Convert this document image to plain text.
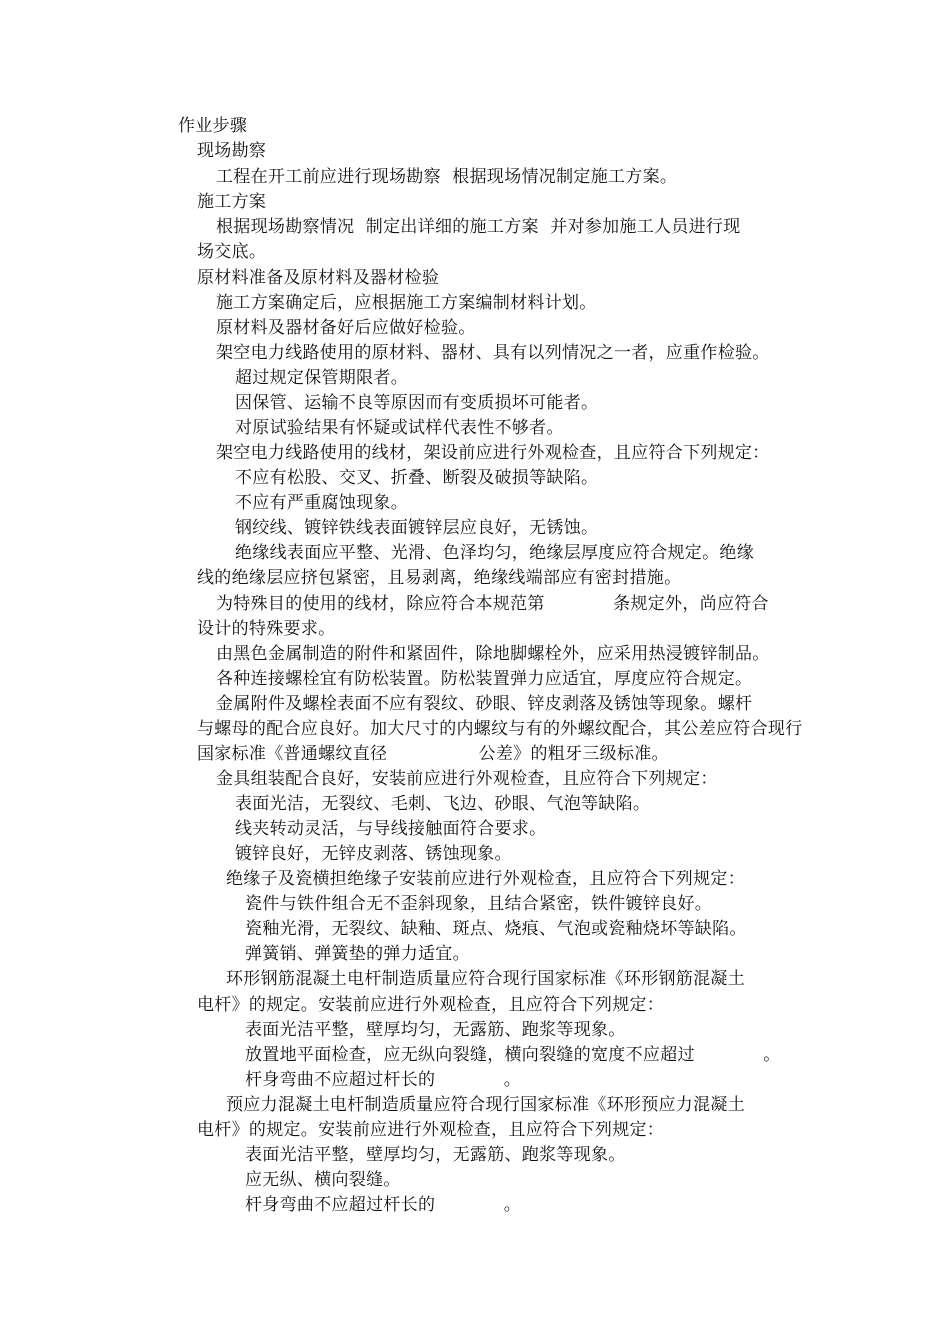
作业步骤
现场勘察
工程在开工前应进行现场勘察  根据现场情况制定施工方案。
施工方案
根据现场勘察情况  制定出详细的施工方案  并对参加施工人员进行现
场交底。
原材料准备及原材料及器材检验
施工方案确定后，应根据施工方案编制材料计划。
原材料及器材备好后应做好检验。
架空电力线路使用的原材料、器材、具有以列情况之一者，应重作检验。
超过规定保管期限者。
因保管、运输不良等原因而有变质损坏可能者。
对原试验结果有怀疑或试样代表性不够者。
架空电力线路使用的线材，架设前应进行外观检查，且应符合下列规定：
不应有松股、交叉、折叠、断裂及破损等缺陷。
不应有严重腐蚀现象。
钢绞线、镀锌铁线表面镀锌层应良好，无锈蚀。
绝缘线表面应平整、光滑、色泽均匀，绝缘层厚度应符合规定。绝缘
线的绝缘层应挤包紧密，且易剥离，绝缘线端部应有密封措施。
为特殊目的使用的线材，除应符合本规范第            条规定外，尚应符合
设计的特殊要求。
由黑色金属制造的附件和紧固件，除地脚螺栓外，应采用热浸镀锌制品。
各种连接螺栓宜有防松装置。防松装置弹力应适宜，厚度应符合规定。
金属附件及螺栓表面不应有裂纹、砂眼、锌皮剥落及锈蚀等现象。螺杆
与螺母的配合应良好。加大尺寸的内螺纹与有的外螺纹配合，其公差应符合现行
国家标准《普通螺纹直径                公差》的粗牙三级标准。
金具组装配合良好，安装前应进行外观检查，且应符合下列规定：
表面光洁，无裂纹、毛刺、飞边、砂眼、气泡等缺陷。
线夹转动灵活，与导线接触面符合要求。
镀锌良好，无锌皮剥落、锈蚀现象。
绝缘子及瓷横担绝缘子安装前应进行外观检查，且应符合下列规定：
瓷件与铁件组合无不歪斜现象，且结合紧密，铁件镀锌良好。
瓷釉光滑，无裂纹、缺釉、斑点、烧痕、气泡或瓷釉烧坏等缺陷。
弹簧销、弹簧垫的弹力适宜。
环形钢筋混凝土电杆制造质量应符合现行国家标准《环形钢筋混凝土
电杆》的规定。安装前应进行外观检查，且应符合下列规定：
表面光洁平整，壁厚均匀，无露筋、跑浆等现象。
放置地平面检查，应无纵向裂缝，横向裂缝的宽度不应超过            。
杆身弯曲不应超过杆长的            。
预应力混凝土电杆制造质量应符合现行国家标准《环形预应力混凝土
电杆》的规定。安装前应进行外观检查，且应符合下列规定：
表面光洁平整，壁厚均匀，无露筋、跑浆等现象。
应无纵、横向裂缝。
杆身弯曲不应超过杆长的            。
